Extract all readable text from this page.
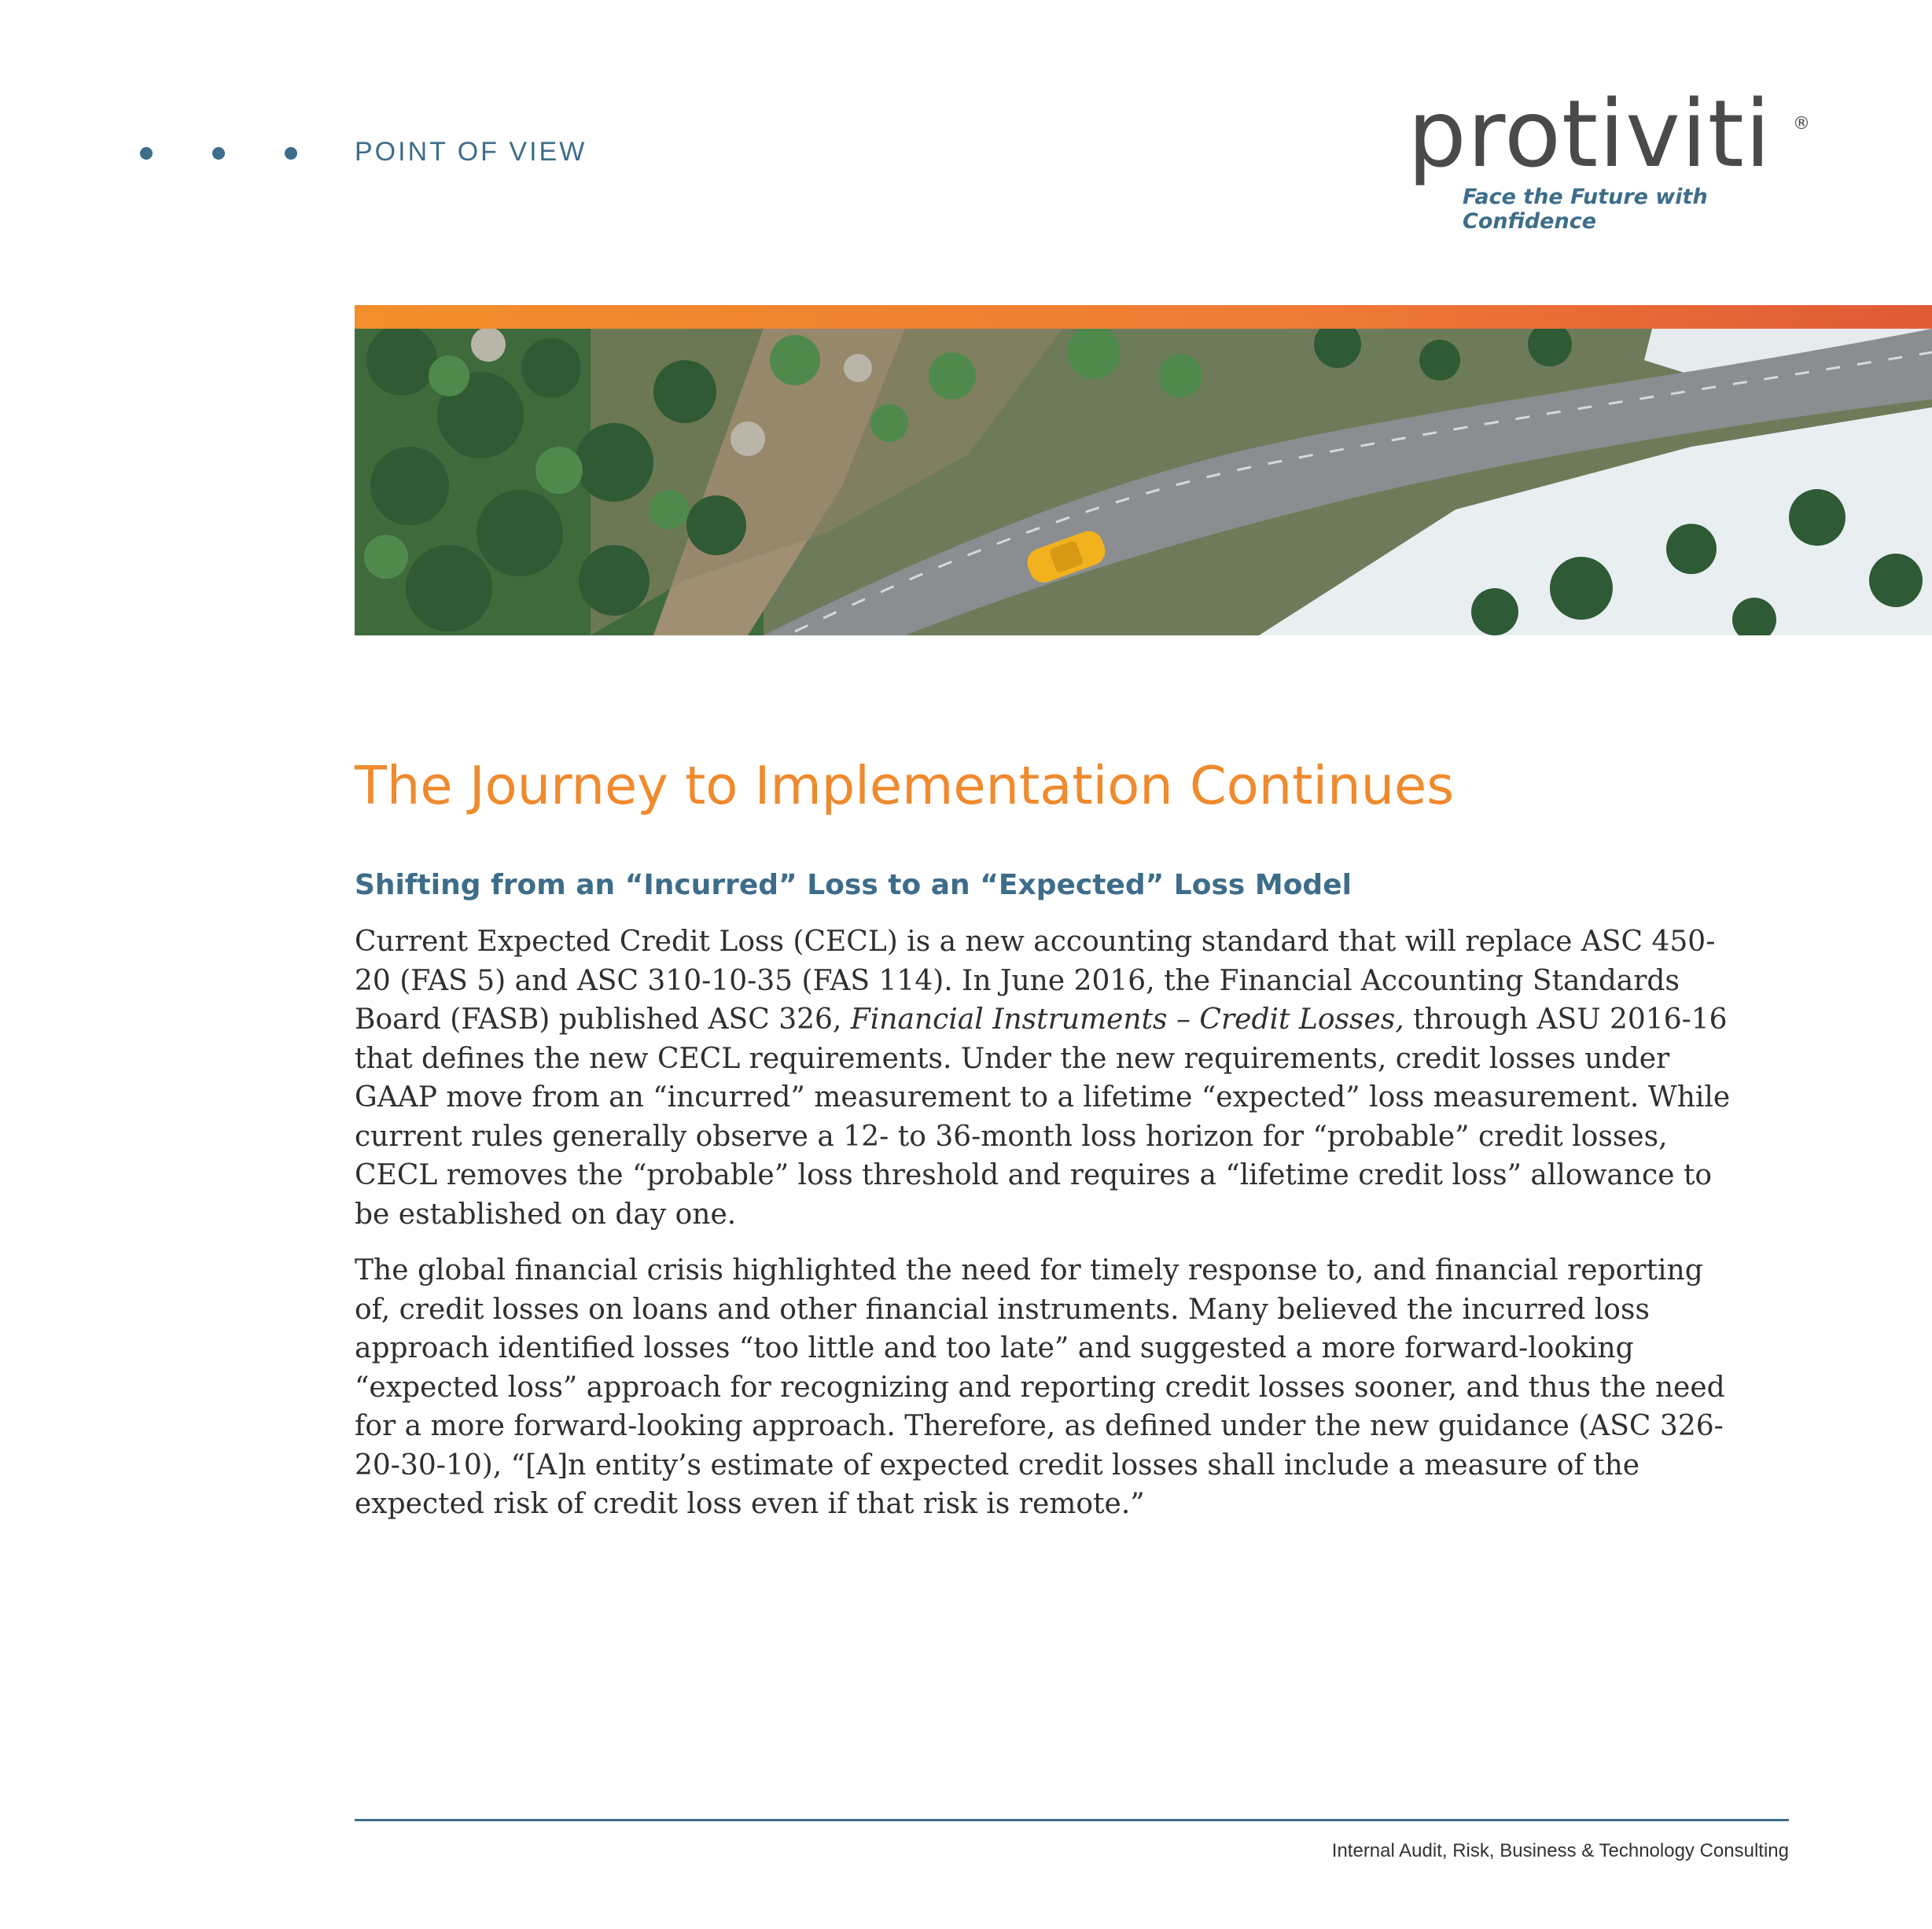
POINT OF VIEW	protiviti ®
Face the Future with Confidence
The Journey to Implementation Continues
Shifting from an “Incurred” Loss to an “Expected” Loss Model
Current Expected Credit Loss (CECL) is a new accounting standard that will replace ASC 450-20 (FAS 5) and ASC 310-10-35 (FAS 114). In June 2016, the Financial Accounting Standards Board (FASB) published ASC 326, Financial Instruments – Credit Losses, through ASU 2016-16 that defines the new CECL requirements. Under the new requirements, credit losses under GAAP move from an “incurred” measurement to a lifetime “expected” loss measurement. While current rules generally observe a 12- to 36-month loss horizon for “probable” credit losses, CECL removes the “probable” loss threshold and requires a “lifetime credit loss” allowance to be established on day one.
The global financial crisis highlighted the need for timely response to, and financial reporting of, credit losses on loans and other financial instruments. Many believed the incurred loss approach identified losses “too little and too late” and suggested a more forward-looking “expected loss” approach for recognizing and reporting credit losses sooner, and thus the need for a more forward-looking approach. Therefore, as defined under the new guidance (ASC 326-20-30-10), “[A]n entity’s estimate of expected credit losses shall include a measure of the expected risk of credit loss even if that risk is remote.”
Internal Audit, Risk, Business & Technology Consulting
